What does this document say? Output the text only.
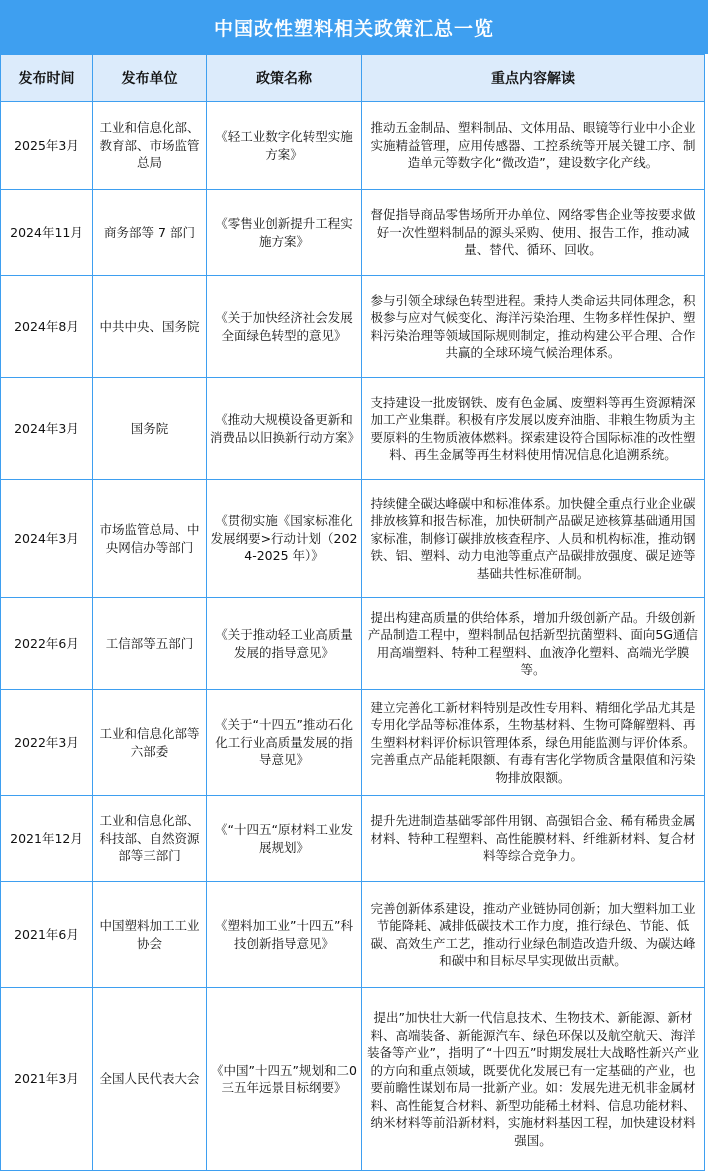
中国改性塑料相关政策汇总一览
发布时间	发布单位	政策名称	重点内容解读
2025年3月	工业和信息化部、教育部、市场监管总局	《轻工业数字化转型实施方案》	推动五金制品、塑料制品、文体用品、眼镜等行业中小企业实施精益管理，应用传感器、工控系统等开展关键工序、制造单元等数字化“微改造”，建设数字化产线。
2024年11月	商务部等 7 部门	《零售业创新提升工程实施方案》	督促指导商品零售场所开办单位、网络零售企业等按要求做好一次性塑料制品的源头采购、使用、报告工作，推动减量、替代、循环、回收。
2024年8月	中共中央、国务院	《关于加快经济社会发展全面绿色转型的意见》	参与引领全球绿色转型进程。秉持人类命运共同体理念，积极参与应对气候变化、海洋污染治理、生物多样性保护、塑料污染治理等领域国际规则制定，推动构建公平合理、合作共赢的全球环境气候治理体系。
2024年3月	国务院	《推动大规模设备更新和消费品以旧换新行动方案》	支持建设一批废钢铁、废有色金属、废塑料等再生资源精深加工产业集群。积极有序发展以废弃油脂、非粮生物质为主要原料的生物质液体燃料。探索建设符合国际标准的改性塑料、再生金属等再生材料使用情况信息化追溯系统。
2024年3月	市场监管总局、中央网信办等部门	《贯彻实施《国家标准化发展纲要>行动计划（2024-2025 年）》	持续健全碳达峰碳中和标准体系。加快健全重点行业企业碳排放核算和报告标准，加快研制产品碳足迹核算基础通用国家标准，制修订碳排放核查程序、人员和机构标准，推动钢铁、铝、塑料、动力电池等重点产品碳排放强度、碳足迹等基础共性标准研制。
2022年6月	工信部等五部门	《关于推动轻工业高质量发展的指导意见》	提出构建高质量的供给体系，增加升级创新产品。升级创新产品制造工程中，塑料制品包括新型抗菌塑料、面向5G通信用高端塑料、特种工程塑料、血液净化塑料、高端光学膜等。
2022年3月	工业和信息化部等六部委	《关于“十四五”推动石化化工行业高质量发展的指导意见》	建立完善化工新材料特别是改性专用料、精细化学品尤其是专用化学品等标准体系，生物基材料、生物可降解塑料、再生塑料材料评价标识管理体系，绿色用能监测与评价体系。完善重点产品能耗限额、有毒有害化学物质含量限值和污染物排放限额。
2021年12月	工业和信息化部、科技部、自然资源部等三部门	《“十四五“原材料工业发展规划》	提升先进制造基础零部件用钢、高强铝合金、稀有稀贵金属材料、特种工程塑料、高性能膜材料、纤维新材料、复合材料等综合竞争力。
2021年6月	中国塑料加工工业协会	《塑料加工业”十四五”科技创新指导意见》	完善创新体系建设，推动产业链协同创新；加大塑料加工业节能降耗、减排低碳技术工作力度，推行绿色、节能、低碳、高效生产工艺，推动行业绿色制造改造升级、为碳达峰和碳中和目标尽早实现做出贡献。
2021年3月	全国人民代表大会	《中国”十四五”规划和二0三五年远景目标纲要》	提出”加快壮大新一代信息技术、生物技术、新能源、新材料、高端装备、新能源汽车、绿色环保以及航空航天、海洋装备等产业”，指明了“十四五”时期发展壮大战略性新兴产业的方向和重点领域，既要优化发展已有一定基础的产业，也要前瞻性谋划布局一批新产业。如：发展先进无机非金属材料、高性能复合材料、新型功能稀土材料、信息功能材料、纳米材料等前沿新材料，实施材料基因工程，加快建设材料强国。
